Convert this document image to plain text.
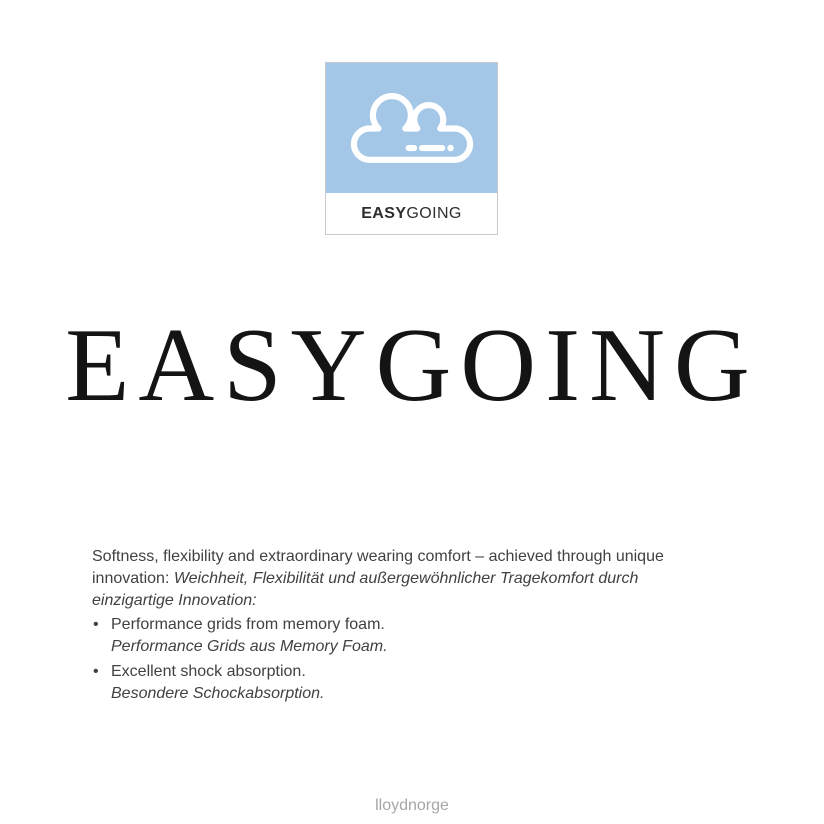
EASY GOING
EASYGOING

Softness, flexibility and extraordinary wearing comfort – achieved through unique innovation: Weichheit, Flexibilität und außergewöhnlicher Tragekomfort durch einzigartige Innovation:

• Performance grids from memory foam.
Performance Grids aus Memory Foam.
• Excellent shock absorption.
Besondere Schockabsorption.
lloydnorge
